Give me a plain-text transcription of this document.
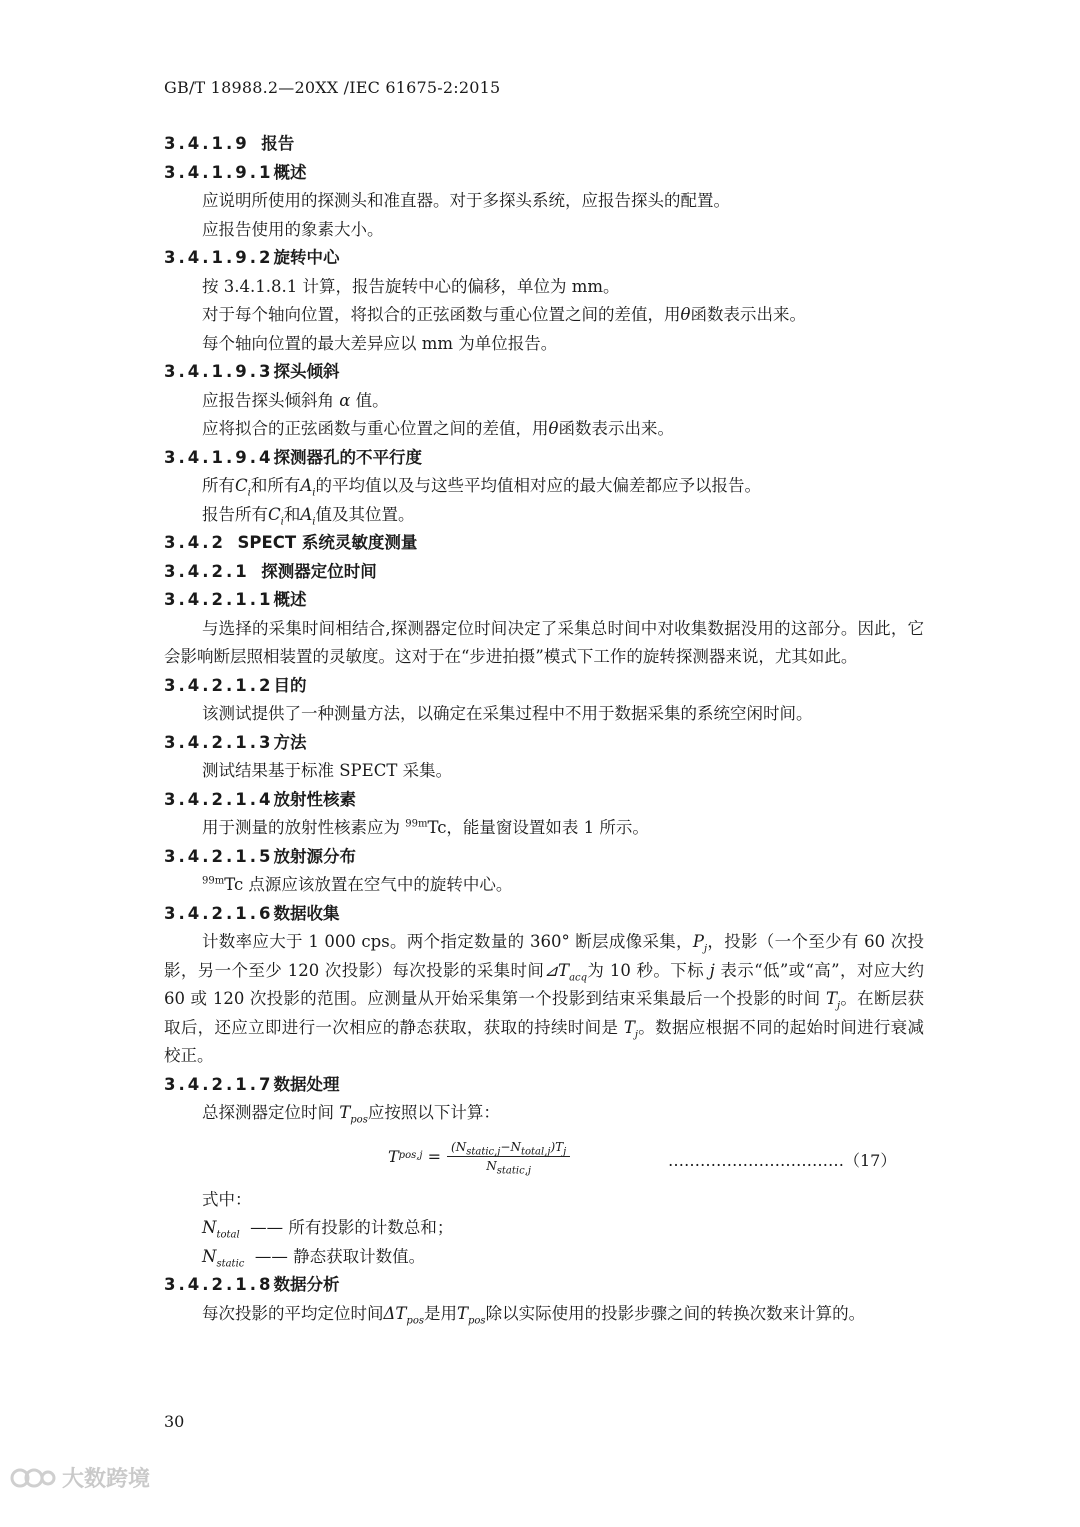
GB/T 18988.2—20XX /IEC 61675-2:2015
3.4.1.9 报告
3.4.1.9.1概述
应说明所使用的探测头和准直器。对于多探头系统，应报告探头的配置。
应报告使用的象素大小。
3.4.1.9.2旋转中心
按 3.4.1.8.1 计算，报告旋转中心的偏移，单位为 mm。
对于每个轴向位置，将拟合的正弦函数与重心位置之间的差值，用θ函数表示出来。
每个轴向位置的最大差异应以 mm 为单位报告。
3.4.1.9.3探头倾斜
应报告探头倾斜角 α 值。
应将拟合的正弦函数与重心位置之间的差值，用θ函数表示出来。
3.4.1.9.4探测器孔的不平行度
所有$C_i$和所有$A_i$的平均值以及与这些平均值相对应的最大偏差都应予以报告。
报告所有$C_i$和$A_i$值及其位置。
3.4.2 SPECT 系统灵敏度测量
3.4.2.1 探测器定位时间
3.4.2.1.1概述
与选择的采集时间相结合,探测器定位时间决定了采集总时间中对收集数据没用的这部分。因此，它会影响断层照相装置的灵敏度。这对于在“步进拍摄”模式下工作的旋转探测器来说，尤其如此。
3.4.2.1.2目的
该测试提供了一种测量方法，以确定在采集过程中不用于数据采集的系统空闲时间。
3.4.2.1.3方法
测试结果基于标准 SPECT 采集。
3.4.2.1.4放射性核素
用于测量的放射性核素应为 $^{99m}$Tc，能量窗设置如表 1 所示。
3.4.2.1.5放射源分布
$^{99m}$Tc 点源应该放置在空气中的旋转中心。
3.4.2.1.6数据收集
计数率应大于 1 000 cps。两个指定数量的 360° 断层成像采集，$P_j$，投影（一个至少有 60 次投影，另一个至少 120 次投影）每次投影的采集时间$⊿T_{acq}$为 10 秒。下标 j 表示“低”或“高”，对应大约 60 或 120 次投影的范围。应测量从开始采集第一个投影到结束采集最后一个投影的时间 $T_j$。在断层获取后，还应立即进行一次相应的静态获取，获取的持续时间是 $T_j$。数据应根据不同的起始时间进行衰减校正。
3.4.2.1.7数据处理
总探测器定位时间 $T_{pos}$应按照以下计算：
T pos,j
= $\frac{(N_{static,j}-N_{total,j})T_j}{N_{static,j}}$	……………………………（17）
式中：
$N_{total}$ —— 所有投影的计数总和；
$N_{static}$ —— 静态获取计数值。
3.4.2.1.8数据分析
每次投影的平均定位时间$\Delta T_{pos}$是用$T_{pos}$除以实际使用的投影步骤之间的转换次数来计算的。
30
大数跨境
